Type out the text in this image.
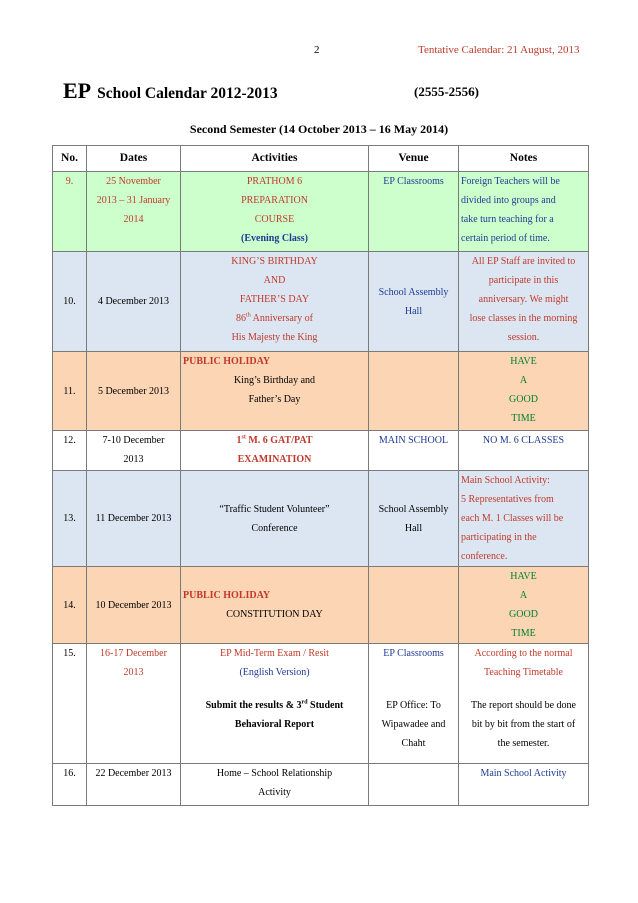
2	Tentative Calendar: 21 August, 2013
EP School Calendar 2012-2013	(2555-2556)
Second Semester (14 October 2013 – 16 May 2014)
No.	Dates	Activities	Venue	Notes
9.	25 November
2013 – 31 January
2014	PRATHOM 6
PREPARATION
COURSE
(Evening Class)	EP Classrooms	Foreign Teachers will be
divided into groups and
take turn teaching for a
certain period of time.

10.	4 December 2013	KING’S BIRTHDAY
AND
FATHER’S DAY
86th Anniversary of
His Majesty the King	School Assembly
Hall	All EP Staff are invited to
participate in this
anniversary. We might
lose classes in the morning
session.

11.	5 December 2013	PUBLIC HOLIDAY
King’s Birthday and
Father’s Day		HAVE
A
GOOD
TIME

12.	7-10 December
2013	1st M. 6 GAT/PAT
EXAMINATION	MAIN SCHOOL	NO M. 6 CLASSES
13.	11 December 2013	“Traffic Student Volunteer”
Conference	School Assembly
Hall	Main School Activity:
5 Representatives from
each M. 1 Classes will be
participating in the
conference.

14.	10 December 2013	PUBLIC HOLIDAY
CONSTITUTION DAY		HAVE
A
GOOD
TIME

15.	16-17 December
2013	EP Mid-Term Exam / Resit
(English Version)
Submit the results & 3rd Student
Behavioral Report	EP Classrooms

EP Office: To
Wipawadee and
Chaht	According to the normal
Teaching Timetable
The report should be done
bit by bit from the start of
the semester.

16.	22 December 2013	Home – School Relationship
Activity		Main School Activity
